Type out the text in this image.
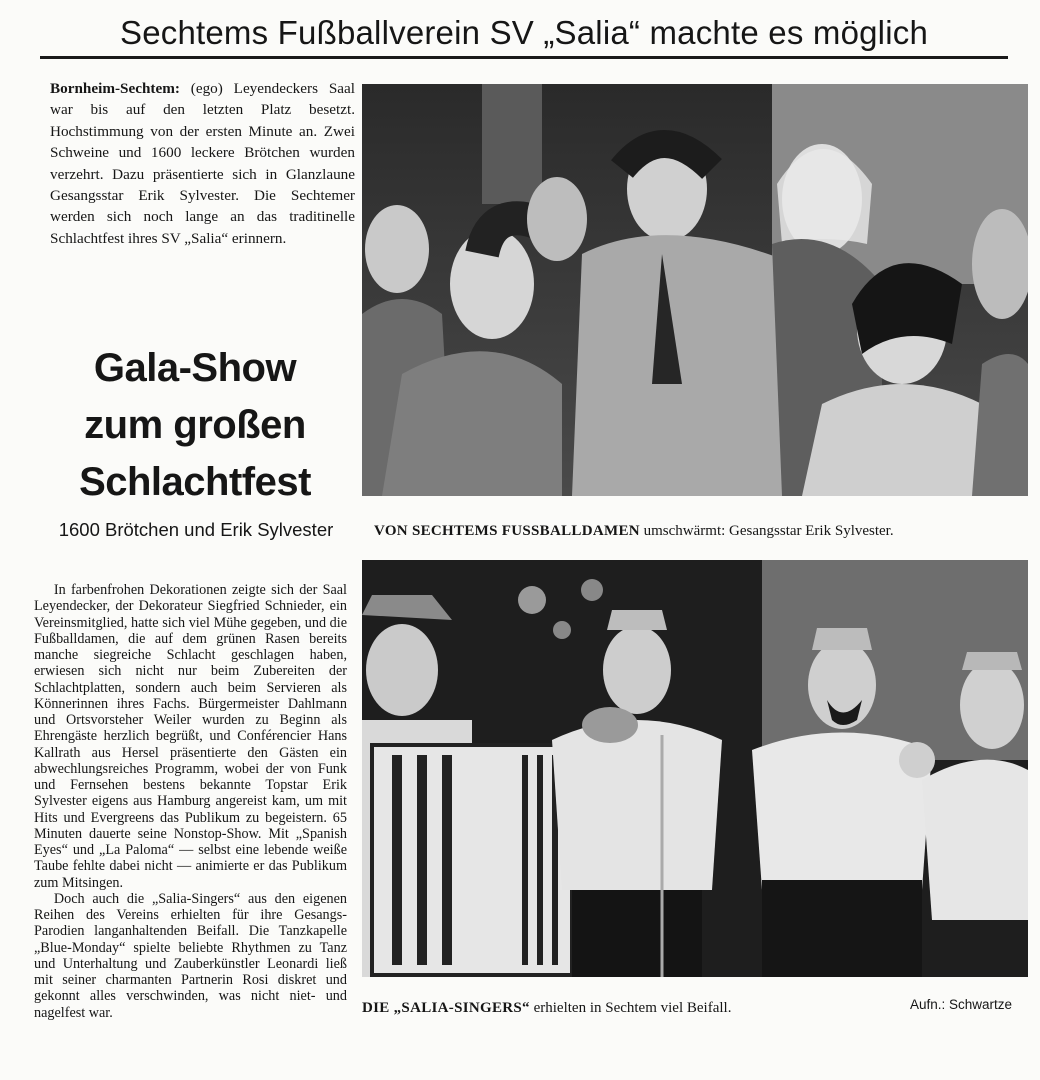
Sechtems Fußballverein SV „Salia“ machte es möglich
Bornheim-Sechtem: (ego) Leyendeckers Saal war bis auf den letzten Platz besetzt. Hochstimmung von der ersten Minute an. Zwei Schweine und 1600 leckere Brötchen wurden verzehrt. Dazu präsentierte sich in Glanzlaune Gesangsstar Erik Sylvester. Die Sechtemer werden sich noch lange an das traditinelle Schlachtfest ihres SV „Salia“ erinnern.
Gala-Show
zum großen
Schlachtfest
1600 Brötchen und Erik Sylvester

In farbenfrohen Dekorationen zeigte sich der Saal Leyendecker, der Dekorateur Siegfried Schnieder, ein Vereinsmitglied, hatte sich viel Mühe gegeben, und die Fußballdamen, die auf dem grünen Rasen bereits manche siegreiche Schlacht geschlagen haben, erwiesen sich nicht nur beim Zubereiten der Schlachtplatten, sondern auch beim Servieren als Könnerinnen ihres Fachs. Bürgermeister Dahlmann und Ortsvorsteher Weiler wurden zu Beginn als Ehrengäste herzlich begrüßt, und Conférencier Hans Kallrath aus Hersel präsentierte den Gästen ein abwechlungsreiches Programm, wobei der von Funk und Fernsehen bestens bekannte Topstar Erik Sylvester eigens aus Hamburg angereist kam, um mit Hits und Evergreens das Publikum zu begeistern. 65 Minuten dauerte seine Nonstop-Show. Mit „Spanish Eyes“ und „La Paloma“ — selbst eine lebende weiße Taube fehlte dabei nicht — animierte er das Publikum zum Mitsingen.

Doch auch die „Salia-Singers“ aus den eigenen Reihen des Vereins erhielten für ihre Gesangs-Parodien langanhaltenden Beifall. Die Tanzkapelle „Blue-Monday“ spielte beliebte Rhythmen zu Tanz und Unterhaltung und Zauberkünstler Leonardi ließ mit seiner charmanten Partnerin Rosi diskret und gekonnt alles verschwinden, was nicht niet- und nagelfest war.

VON SECHTEMS FUSSBALLDAMEN umschwärmt: Gesangsstar Erik Sylvester.
DIE „SALIA-SINGERS“ erhielten in Sechtem viel Beifall.	Aufn.: Schwartze
